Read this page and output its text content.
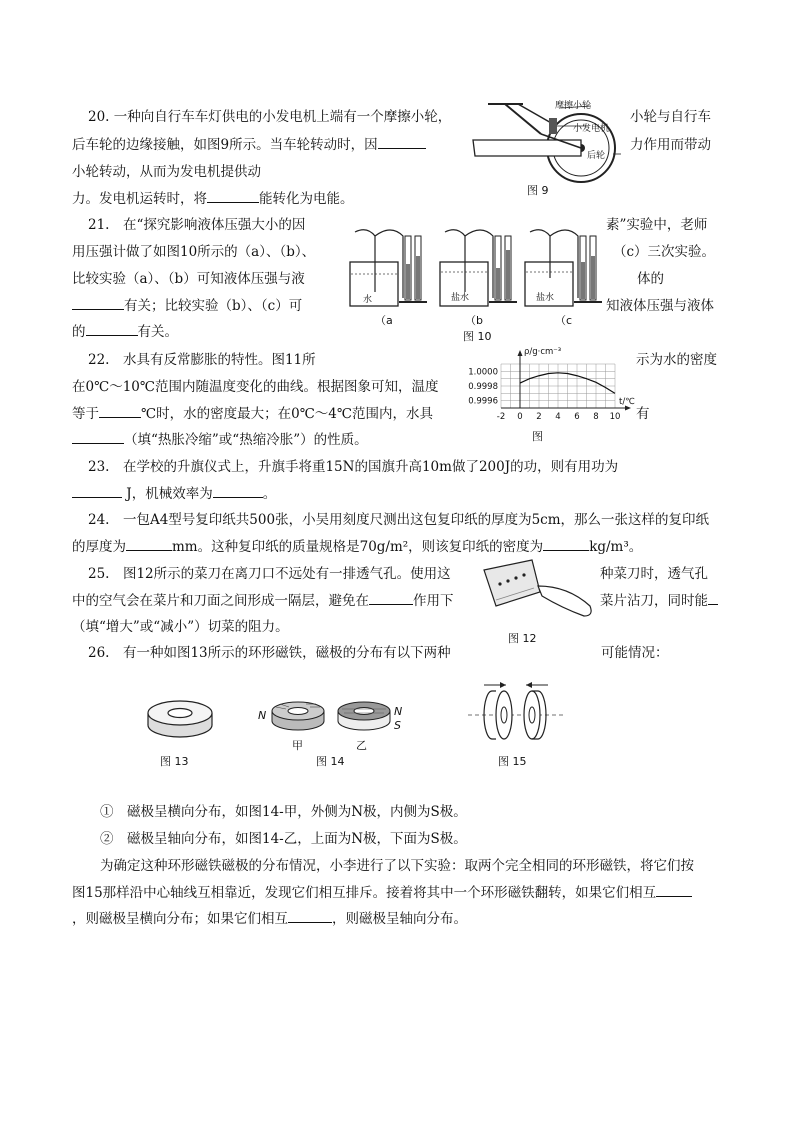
20. 一种向自行车车灯供电的小发电机上端有一个摩擦小轮，	小轮与自行车
后车轮的边缘接触，如图9所示。当车轮转动时，因	力作用而带动
小轮转动，从而为发电机提供动
力。发电机运转时，将	能转化为电能。
摩擦小轮
小发电机
后轮
图 9
21.　在“探究影响液体压强大小的因	素”实验中，老师
用压强计做了如图10所示的（a）、（b）、	（c）三次实验。
比较实验（a）、（b）可知液体压强与液	体的
有关；比较实验（b）、（c）可	知液体压强与液体
的	有关。
水	盐水	盐水
（a	（b	（c
图 10
22.　水具有反常膨胀的特性。图11所	示为水的密度
在0℃～10℃范围内随温度变化的曲线。根据图象可知，温度
等于	℃时，水的密度最大；在0℃～4℃范围内，水具	有
（填“热胀冷缩”或“热缩冷胀”）的性质。
ρ/g·cm⁻³
t/℃
-2 0 2 4 6 8 10
1.0000
0.9998
0.9996
图
23.　在学校的升旗仪式上，升旗手将重15N的国旗升高10m做了200J的功，则有用功为
J，机械效率为	。
24.　一包A4型号复印纸共500张，小吴用刻度尺测出这包复印纸的厚度为5cm，那么一张这样的复印纸
的厚度为	mm。这种复印纸的质量规格是70g/m²，则该复印纸的密度为	kg/m³。
25.　图12所示的菜刀在离刀口不远处有一排透气孔。使用这	种菜刀时，透气孔
中的空气会在菜片和刀面之间形成一隔层，避免在	作用下	菜片沾刀，同时能
（填“增大”或“减小”）切菜的阻力。
图 12
26.　有一种如图13所示的环形磁铁，磁极的分布有以下两种	可能情况：
图 13
N	N
S
甲	乙
图 14	图 15
①　磁极呈横向分布，如图14-甲，外侧为N极，内侧为S极。
②　磁极呈轴向分布，如图14-乙，上面为N极，下面为S极。
为确定这种环形磁铁磁极的分布情况，小李进行了以下实验：取两个完全相同的环形磁铁，将它们按
图15那样沿中心轴线互相靠近，发现它们相互排斥。接着将其中一个环形磁铁翻转，如果它们相互
，则磁极呈横向分布；如果它们相互	，则磁极呈轴向分布。
